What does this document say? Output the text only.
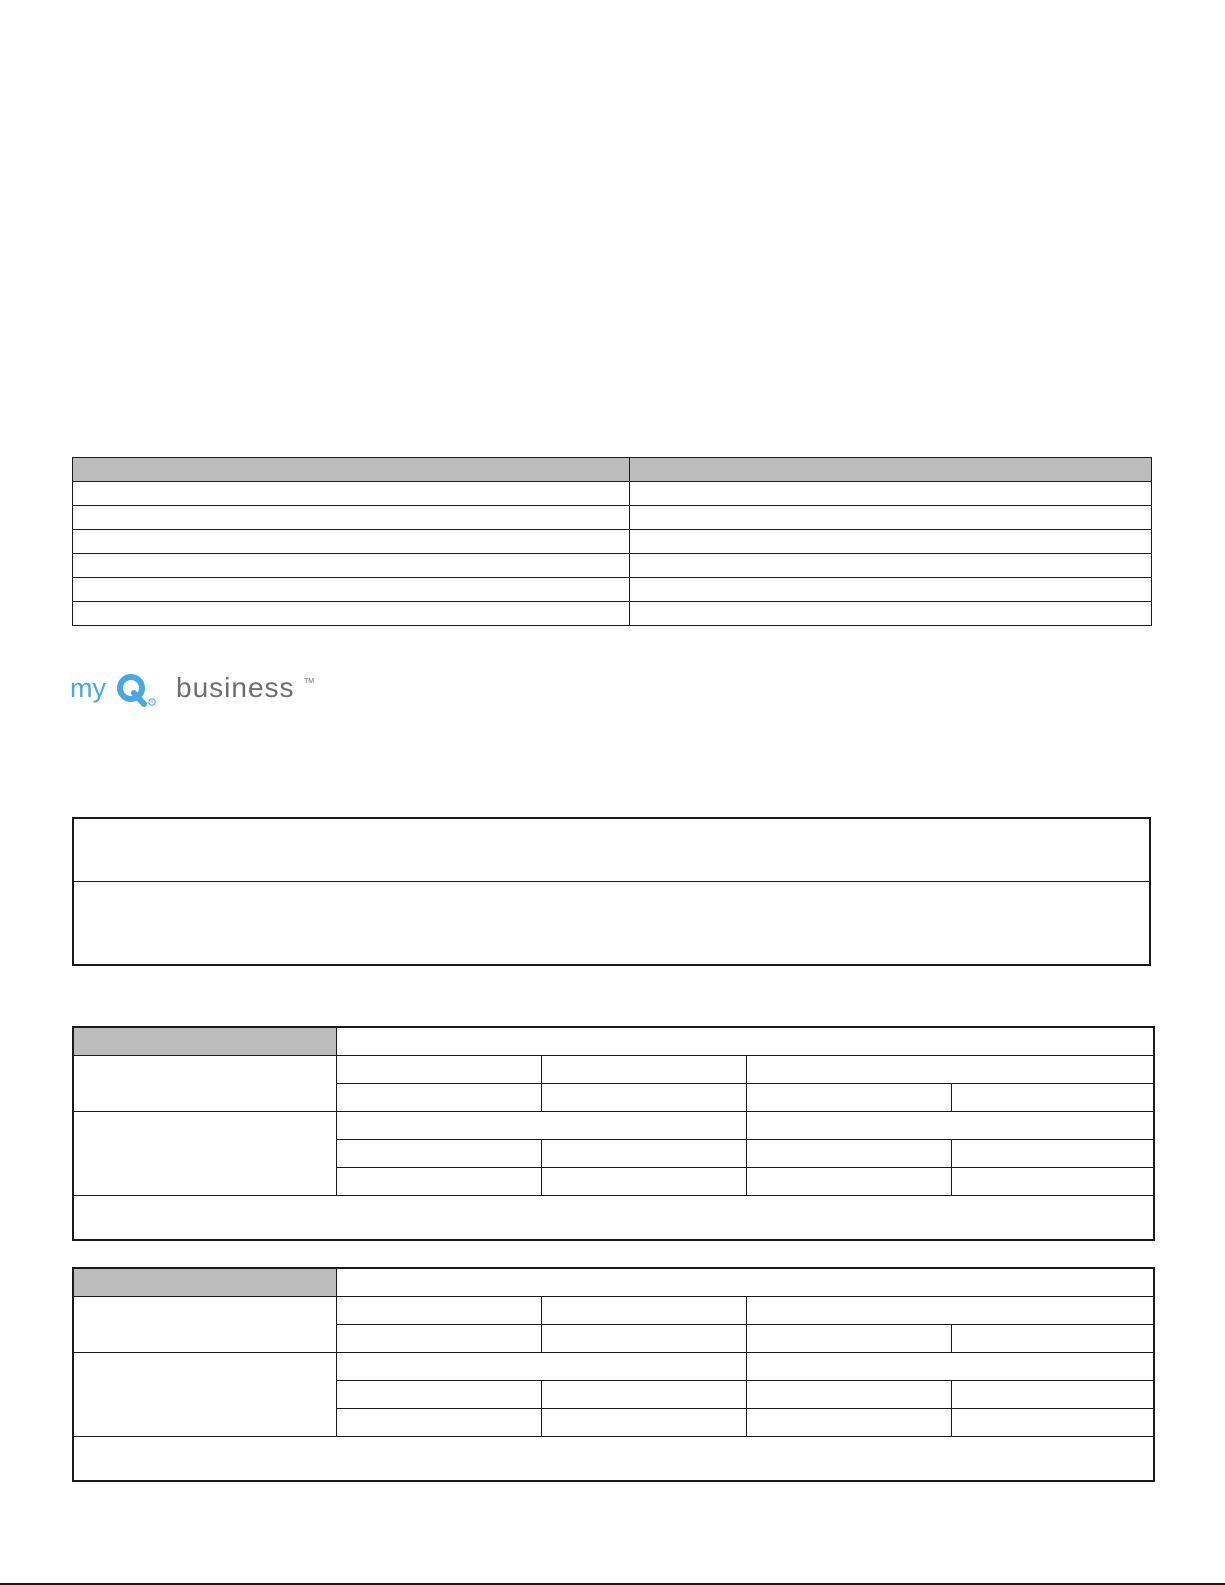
my	R business TM
